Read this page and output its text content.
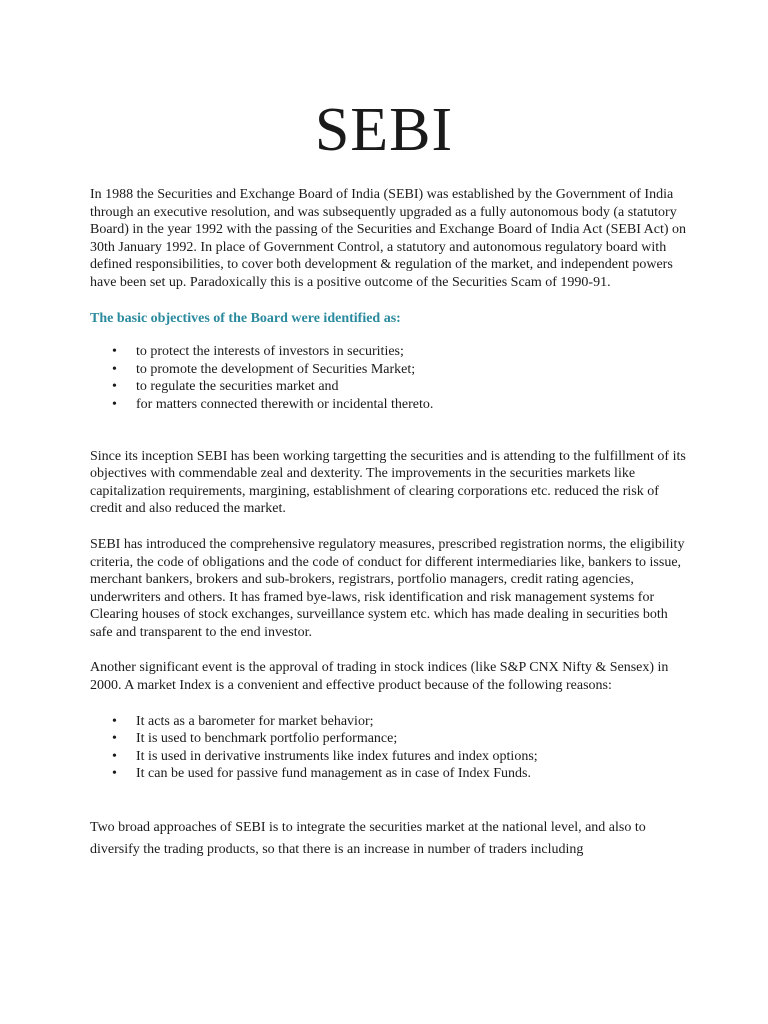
SEBI

In 1988 the Securities and Exchange Board of India (SEBI) was established by the Government of India through an executive resolution, and was subsequently upgraded as a fully autonomous body (a statutory Board) in the year 1992 with the passing of the Securities and Exchange Board of India Act (SEBI Act) on 30th January 1992. In place of Government Control, a statutory and autonomous regulatory board with defined responsibilities, to cover both development & regulation of the market, and independent powers have been set up. Paradoxically this is a positive outcome of the Securities Scam of 1990-91.

The basic objectives of the Board were identified as:

• to protect the interests of investors in securities;
• to promote the development of Securities Market;
• to regulate the securities market and
• for matters connected therewith or incidental thereto.

Since its inception SEBI has been working targetting the securities and is attending to the fulfillment of its objectives with commendable zeal and dexterity. The improvements in the securities markets like capitalization requirements, margining, establishment of clearing corporations etc. reduced the risk of credit and also reduced the market.

SEBI has introduced the comprehensive regulatory measures, prescribed registration norms, the eligibility criteria, the code of obligations and the code of conduct for different intermediaries like, bankers to issue, merchant bankers, brokers and sub-brokers, registrars, portfolio managers, credit rating agencies, underwriters and others. It has framed bye-laws, risk identification and risk management systems for Clearing houses of stock exchanges, surveillance system etc. which has made dealing in securities both safe and transparent to the end investor.

Another significant event is the approval of trading in stock indices (like S&P CNX Nifty & Sensex) in 2000. A market Index is a convenient and effective product because of the following reasons:

• It acts as a barometer for market behavior;
• It is used to benchmark portfolio performance;
• It is used in derivative instruments like index futures and index options;
• It can be used for passive fund management as in case of Index Funds.

Two broad approaches of SEBI is to integrate the securities market at the national level, and also to diversify the trading products, so that there is an increase in number of traders including
